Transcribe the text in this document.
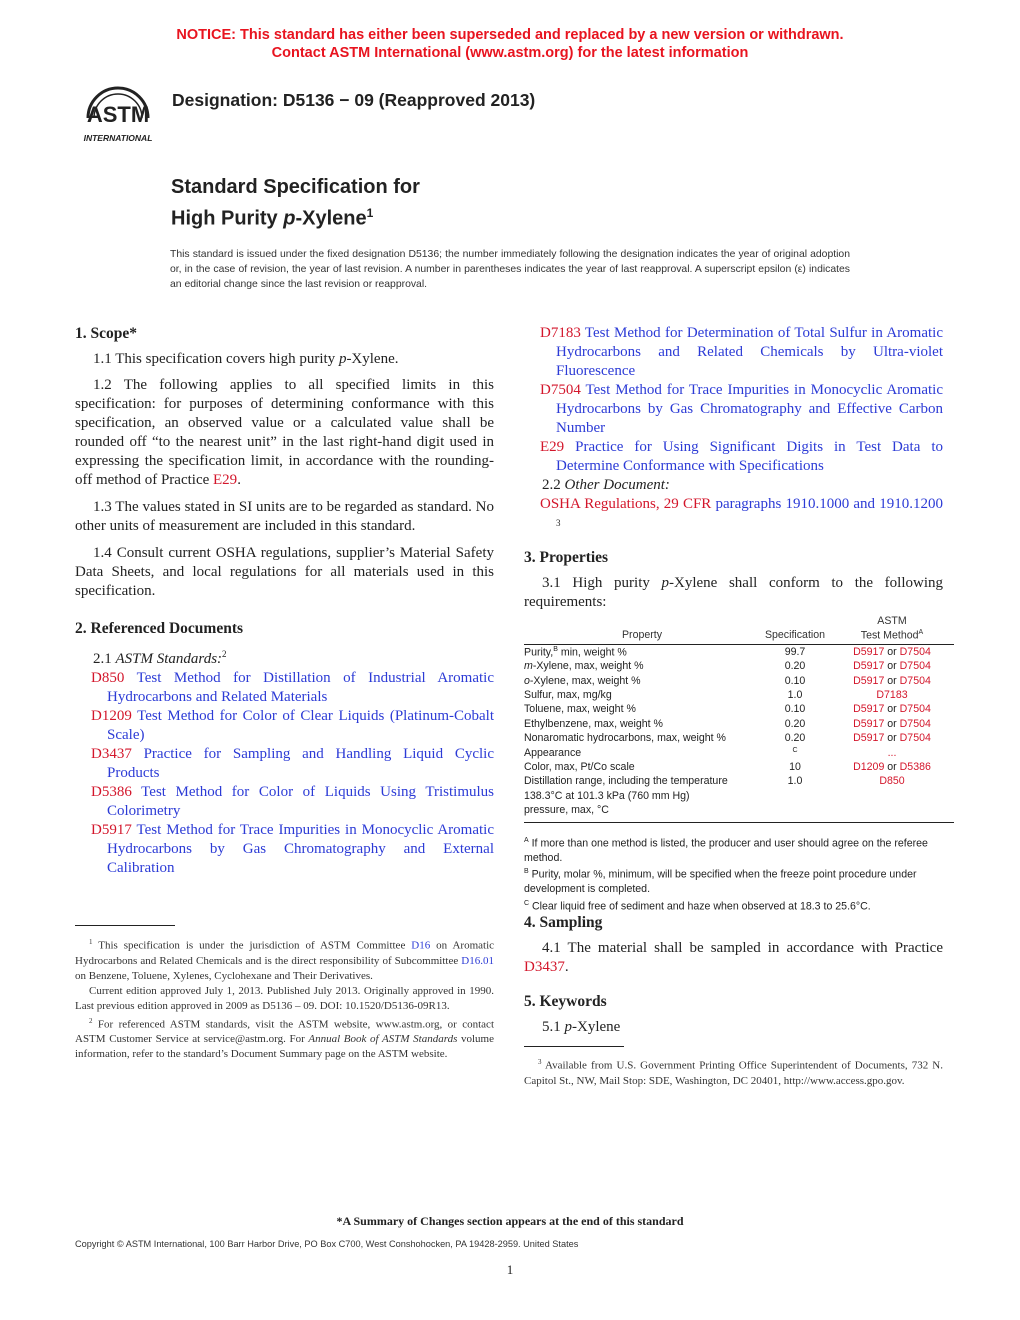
NOTICE: This standard has either been superseded and replaced by a new version or withdrawn.
Contact ASTM International (www.astm.org) for the latest information
ASTM
INTERNATIONAL
Designation: D5136 − 09 (Reapproved 2013)
Standard Specification for
High Purity p-Xylene$^1$
This standard is issued under the fixed designation D5136; the number immediately following the designation indicates the year of original adoption or, in the case of revision, the year of last revision. A number in parentheses indicates the year of last reapproval. A superscript epsilon (ε) indicates an editorial change since the last revision or reapproval.
1. Scope*

1.1 This specification covers high purity p-Xylene.

1.2 The following applies to all specified limits in this specification: for purposes of determining conformance with this specification, an observed value or a calculated value shall be rounded off “to the nearest unit” in the last right-hand digit used in expressing the specification limit, in accordance with the rounding-off method of Practice E29.

1.3 The values stated in SI units are to be regarded as standard. No other units of measurement are included in this standard.

1.4 Consult current OSHA regulations, supplier’s Material Safety Data Sheets, and local regulations for all materials used in this specification.

2. Referenced Documents

2.1 ASTM Standards:$^2$

D850 Test Method for Distillation of Industrial Aromatic Hydrocarbons and Related Materials

D1209 Test Method for Color of Clear Liquids (Platinum-Cobalt Scale)

D3437 Practice for Sampling and Handling Liquid Cyclic Products

D5386 Test Method for Color of Liquids Using Tristimulus Colorimetry

D5917 Test Method for Trace Impurities in Monocyclic Aromatic Hydrocarbons by Gas Chromatography and External Calibration

$^1$ This specification is under the jurisdiction of ASTM Committee D16 on Aromatic Hydrocarbons and Related Chemicals and is the direct responsibility of Subcommittee D16.01 on Benzene, Toluene, Xylenes, Cyclohexane and Their Derivatives.

Current edition approved July 1, 2013. Published July 2013. Originally approved in 1990. Last previous edition approved in 2009 as D5136 – 09. DOI: 10.1520/D5136-09R13.

$^2$ For referenced ASTM standards, visit the ASTM website, www.astm.org, or contact ASTM Customer Service at service@astm.org. For Annual Book of ASTM Standards volume information, refer to the standard’s Document Summary page on the ASTM website.

D7183 Test Method for Determination of Total Sulfur in Aromatic Hydrocarbons and Related Chemicals by Ultra-violet Fluorescence

D7504 Test Method for Trace Impurities in Monocyclic Aromatic Hydrocarbons by Gas Chromatography and Effective Carbon Number

E29 Practice for Using Significant Digits in Test Data to Determine Conformance with Specifications

2.2 Other Document:

OSHA Regulations, 29 CFR paragraphs 1910.1000 and 1910.1200 $^3$

3. Properties

3.1 High purity p-Xylene shall conform to the following requirements:

		ASTM
Property	Specification	Test Method$^A$

Purity,$^B$ min, weight %	99.7	D5917 or D7504
m-Xylene, max, weight %	0.20	D5917 or D7504
o-Xylene, max, weight %	0.10	D5917 or D7504
Sulfur, max, mg/kg	1.0	D7183
Toluene, max, weight %	0.10	D5917 or D7504
Ethylbenzene, max, weight %	0.20	D5917 or D7504
Nonaromatic hydrocarbons, max, weight %	0.20	D5917 or D7504
Appearance	$^C$	...
Color, max, Pt/Co scale	10	D1209 or D5386
Distillation range, including the temperature	1.0	D850
138.3°C at 101.3 kPa (760 mm Hg)		
pressure, max, °C		
$^A$ If more than one method is listed, the producer and user should agree on the referee method.
$^B$ Purity, molar %, minimum, will be specified when the freeze point procedure under development is completed.
$^C$ Clear liquid free of sediment and haze when observed at 18.3 to 25.6°C.
4. Sampling

4.1 The material shall be sampled in accordance with Practice D3437.

5. Keywords

5.1 p-Xylene

$^3$ Available from U.S. Government Printing Office Superintendent of Documents, 732 N. Capitol St., NW, Mail Stop: SDE, Washington, DC 20401, http://www.access.gpo.gov.

*A Summary of Changes section appears at the end of this standard
Copyright © ASTM International, 100 Barr Harbor Drive, PO Box C700, West Conshohocken, PA 19428-2959. United States
1
